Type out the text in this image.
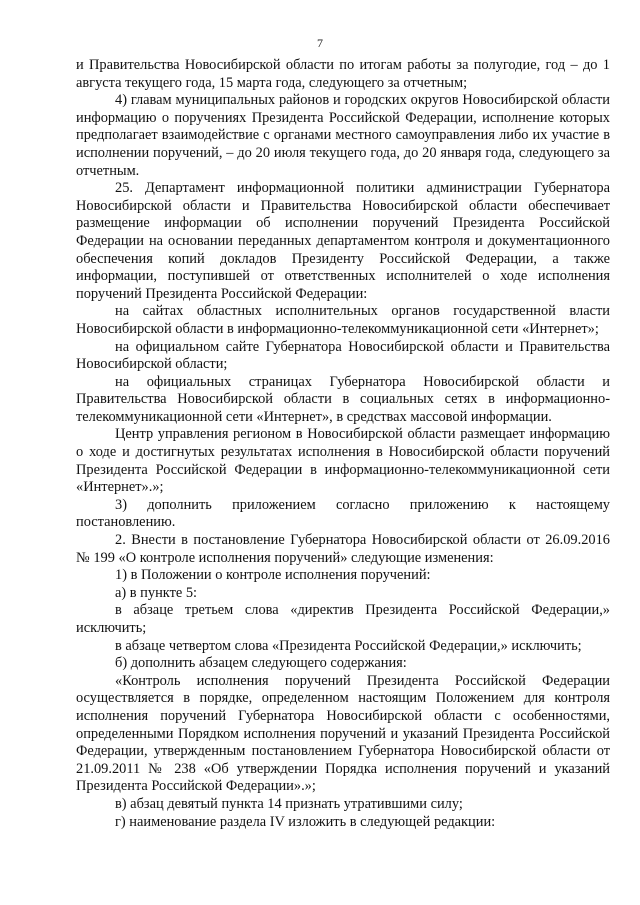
7

и Правительства Новосибирской области по итогам работы за полугодие, год – до 1 августа текущего года, 15 марта года, следующего за отчетным;

4) главам муниципальных районов и городских округов Новосибирской области информацию о поручениях Президента Российской Федерации, исполнение которых предполагает взаимодействие с органами местного самоуправления либо их участие в исполнении поручений, – до 20 июля текущего года, до 20 января года, следующего за отчетным.

25. Департамент информационной политики администрации Губернатора Новосибирской области и Правительства Новосибирской области обеспечивает размещение информации об исполнении поручений Президента Российской Федерации на основании переданных департаментом контроля и документационного обеспечения копий докладов Президенту Российской Федерации, а также информации, поступившей от ответственных исполнителей о ходе исполнения поручений Президента Российской Федерации:

на сайтах областных исполнительных органов государственной власти Новосибирской области в информационно-телекоммуникационной сети «Интернет»;

на официальном сайте Губернатора Новосибирской области и Правительства Новосибирской области;

на официальных страницах Губернатора Новосибирской области и Правительства Новосибирской области в социальных сетях в информационно-телекоммуникационной сети «Интернет», в средствах массовой информации.

Центр управления регионом в Новосибирской области размещает информацию о ходе и достигнутых результатах исполнения в Новосибирской области поручений Президента Российской Федерации в информационно-телекоммуникационной сети «Интернет».»;

3) дополнить приложением согласно приложению к настоящему постановлению.

2. Внести в постановление Губернатора Новосибирской области от 26.09.2016 № 199 «О контроле исполнения поручений» следующие изменения:

1) в Положении о контроле исполнения поручений:

а) в пункте 5:

в абзаце третьем слова «директив Президента Российской Федерации,» исключить;

в абзаце четвертом слова «Президента Российской Федерации,» исключить;

б) дополнить абзацем следующего содержания:

«Контроль исполнения поручений Президента Российской Федерации осуществляется в порядке, определенном настоящим Положением для контроля исполнения поручений Губернатора Новосибирской области с особенностями, определенными Порядком исполнения поручений и указаний Президента Российской Федерации, утвержденным постановлением Губернатора Новосибирской области от 21.09.2011 № 238 «Об утверждении Порядка исполнения поручений и указаний Президента Российской Федерации».»;

в) абзац девятый пункта 14 признать утратившими силу;

г) наименование раздела IV изложить в следующей редакции:
